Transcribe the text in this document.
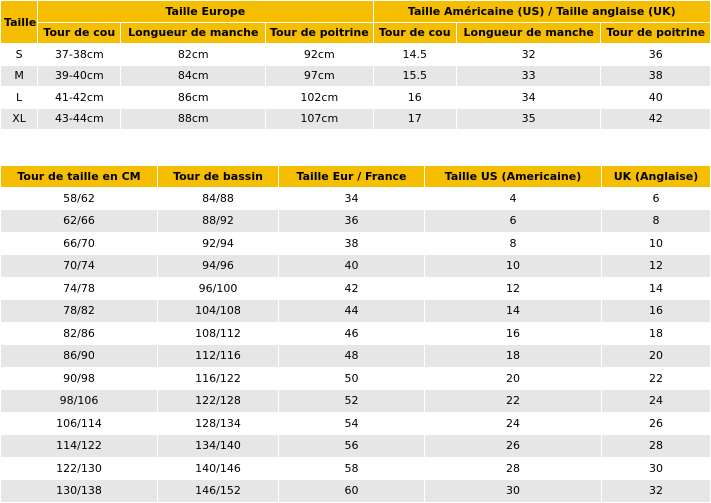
Taille	Taille Europe			Taille Américaine (US) / Taille anglaise (UK)		
	Tour de cou	Longueur de manche	Tour de poitrine	Tour de cou	Longueur de manche	Tour de poitrine
S	37-38cm	82cm	92cm	14.5	32	36
M	39-40cm	84cm	97cm	15.5	33	38
L	41-42cm	86cm	102cm	16	34	40
XL	43-44cm	88cm	107cm	17	35	42
Tour de taille en CM	Tour de bassin	Taille Eur / France	Taille US (Americaine)	UK (Anglaise)
58/62	84/88	34	4	6
62/66	88/92	36	6	8
66/70	92/94	38	8	10
70/74	94/96	40	10	12
74/78	96/100	42	12	14
78/82	104/108	44	14	16
82/86	108/112	46	16	18
86/90	112/116	48	18	20
90/98	116/122	50	20	22
98/106	122/128	52	22	24
106/114	128/134	54	24	26
114/122	134/140	56	26	28
122/130	140/146	58	28	30
130/138	146/152	60	30	32
